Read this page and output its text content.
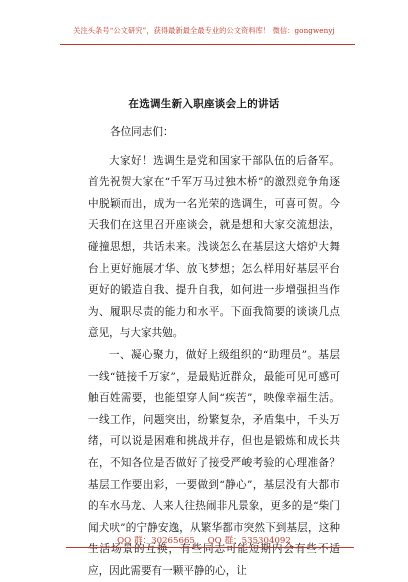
关注头条号“公文研究”，获得最新最全最专业的公文资料库！ 微信：gongwenyj
在选调生新入职座谈会上的讲话

各位同志们：

大家好！选调生是党和国家干部队伍的后备军。首先祝贺大家在“千军万马过独木桥”的激烈竞争角逐中脱颖而出，成为一名光荣的选调生，可喜可贺。今天我们在这里召开座谈会，就是想和大家交流想法，碰撞思想，共话未来。浅谈怎么在基层这大熔炉大舞台上更好施展才华、放飞梦想；怎么样用好基层平台更好的锻造自我、提升自我，如何进一步增强担当作为、履职尽责的能力和水平。下面我简要的谈谈几点意见，与大家共勉。

一、凝心聚力，做好上级组织的“助理员”。基层一线“链接千万家”，是最贴近群众，最能可见可感可触百姓需要，也能望穿人间“疾苦”，映像幸福生活。一线工作，问题突出，纷繁复杂，矛盾集中，千头万绪，可以说是困难和挑战并存，但也是锻炼和成长共在，不知各位是否做好了接受严峻考验的心理准备？基层工作要出彩，一要做到“静心”，基层没有大都市的车水马龙、人来人往热闹非凡景象，更多的是“柴门闻犬吠”的宁静安逸，从繁华都市突然下到基层，这种生活场景的互换，有些同志可能短期内会有些不适应，因此需要有一颗平静的心，让

QQ 群：30265665 QQ 群：535304092
